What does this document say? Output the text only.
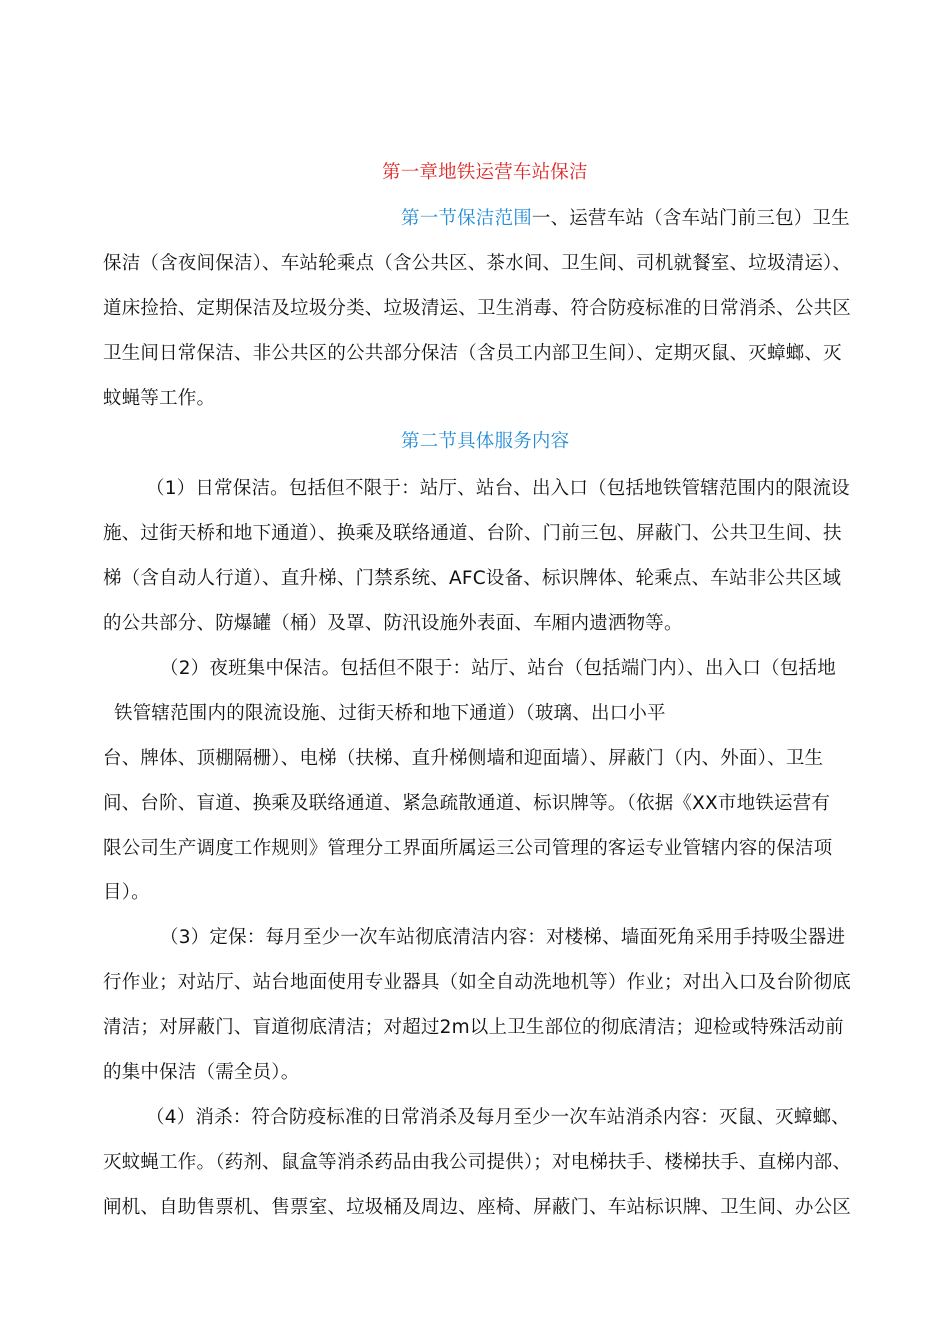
第一章地铁运营车站保洁
第一节保洁范围一、运营车站（含车站门前三包）卫生
保洁（含夜间保洁）、车站轮乘点（含公共区、茶水间、卫生间、司机就餐室、垃圾清运）、
道床捡拾、定期保洁及垃圾分类、垃圾清运、卫生消毒、符合防疫标准的日常消杀、公共区
卫生间日常保洁、非公共区的公共部分保洁（含员工内部卫生间）、定期灭鼠、灭蟑螂、灭
蚊蝇等工作。
第二节具体服务内容
（1）日常保洁。包括但不限于：站厅、站台、出入口（包括地铁管辖范围内的限流设
施、过街天桥和地下通道）、换乘及联络通道、台阶、门前三包、屏蔽门、公共卫生间、扶
梯（含自动人行道）、直升梯、门禁系统、AFC设备、标识牌体、轮乘点、车站非公共区域
的公共部分、防爆罐（桶）及罩、防汛设施外表面、车厢内遗洒物等。
（2）夜班集中保洁。包括但不限于：站厅、站台（包括端门内）、出入口（包括地
铁管辖范围内的限流设施、过街天桥和地下通道）（玻璃、出口小平
台、牌体、顶棚隔栅）、电梯（扶梯、直升梯侧墙和迎面墙）、屏蔽门（内、外面）、卫生
间、台阶、盲道、换乘及联络通道、紧急疏散通道、标识牌等。（依据《XX市地铁运营有
限公司生产调度工作规则》管理分工界面所属运三公司管理的客运专业管辖内容的保洁项
目）。
（3）定保：每月至少一次车站彻底清洁内容：对楼梯、墙面死角采用手持吸尘器进
行作业；对站厅、站台地面使用专业器具（如全自动洗地机等）作业；对出入口及台阶彻底
清洁；对屏蔽门、盲道彻底清洁；对超过2m以上卫生部位的彻底清洁；迎检或特殊活动前
的集中保洁（需全员）。
（4）消杀：符合防疫标准的日常消杀及每月至少一次车站消杀内容：灭鼠、灭蟑螂、
灭蚊蝇工作。（药剂、鼠盒等消杀药品由我公司提供）；对电梯扶手、楼梯扶手、直梯内部、
闸机、自助售票机、售票室、垃圾桶及周边、座椅、屏蔽门、车站标识牌、卫生间、办公区
